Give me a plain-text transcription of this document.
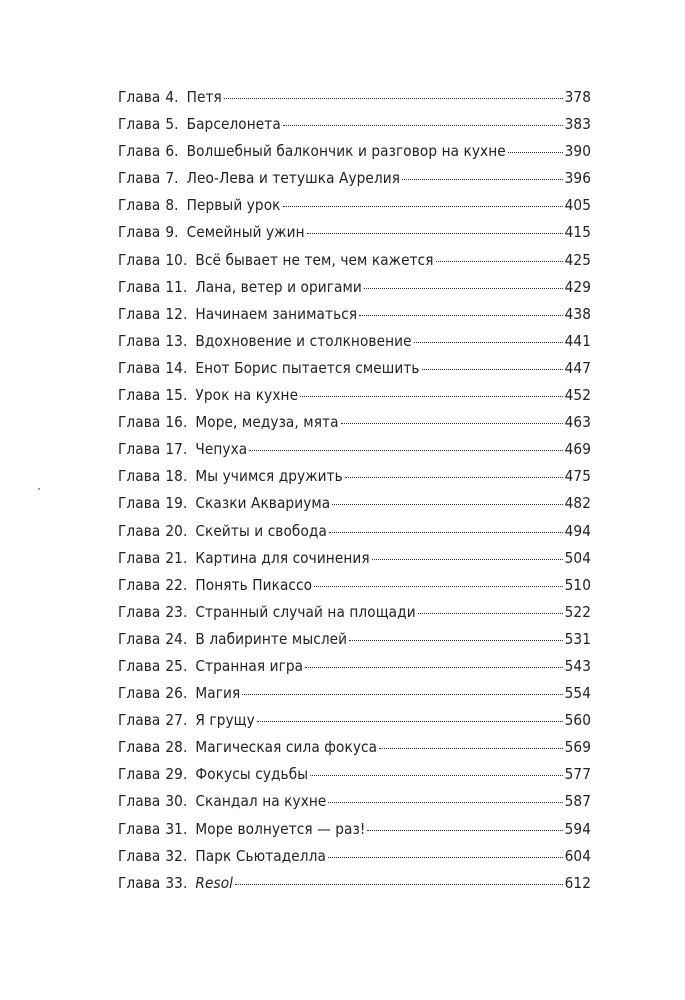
Глава 4. Петя	378
Глава 5. Барселонета	383
Глава 6. Волшебный балкончик и разговор на кухне	390
Глава 7. Лео-Лева и тетушка Аурелия	396
Глава 8. Первый урок	405
Глава 9. Семейный ужин	415
Глава 10. Всё бывает не тем, чем кажется	425
Глава 11. Лана, ветер и оригами	429
Глава 12. Начинаем заниматься	438
Глава 13. Вдохновение и столкновение	441
Глава 14. Енот Борис пытается смешить	447
Глава 15. Урок на кухне	452
Глава 16. Море, медуза, мята	463
Глава 17. Чепуха	469
Глава 18. Мы учимся дружить	475
Глава 19. Сказки Аквариума	482
Глава 20. Скейты и свобода	494
Глава 21. Картина для сочинения	504
Глава 22. Понять Пикассо	510
Глава 23. Странный случай на площади	522
Глава 24. В лабиринте мыслей	531
Глава 25. Странная игра	543
Глава 26. Магия	554
Глава 27. Я грущу	560
Глава 28. Магическая сила фокуса	569
Глава 29. Фокусы судьбы	577
Глава 30. Скандал на кухне	587
Глава 31. Море волнуется — раз!	594
Глава 32. Парк Сьютаделла	604
Глава 33. Resol	612
